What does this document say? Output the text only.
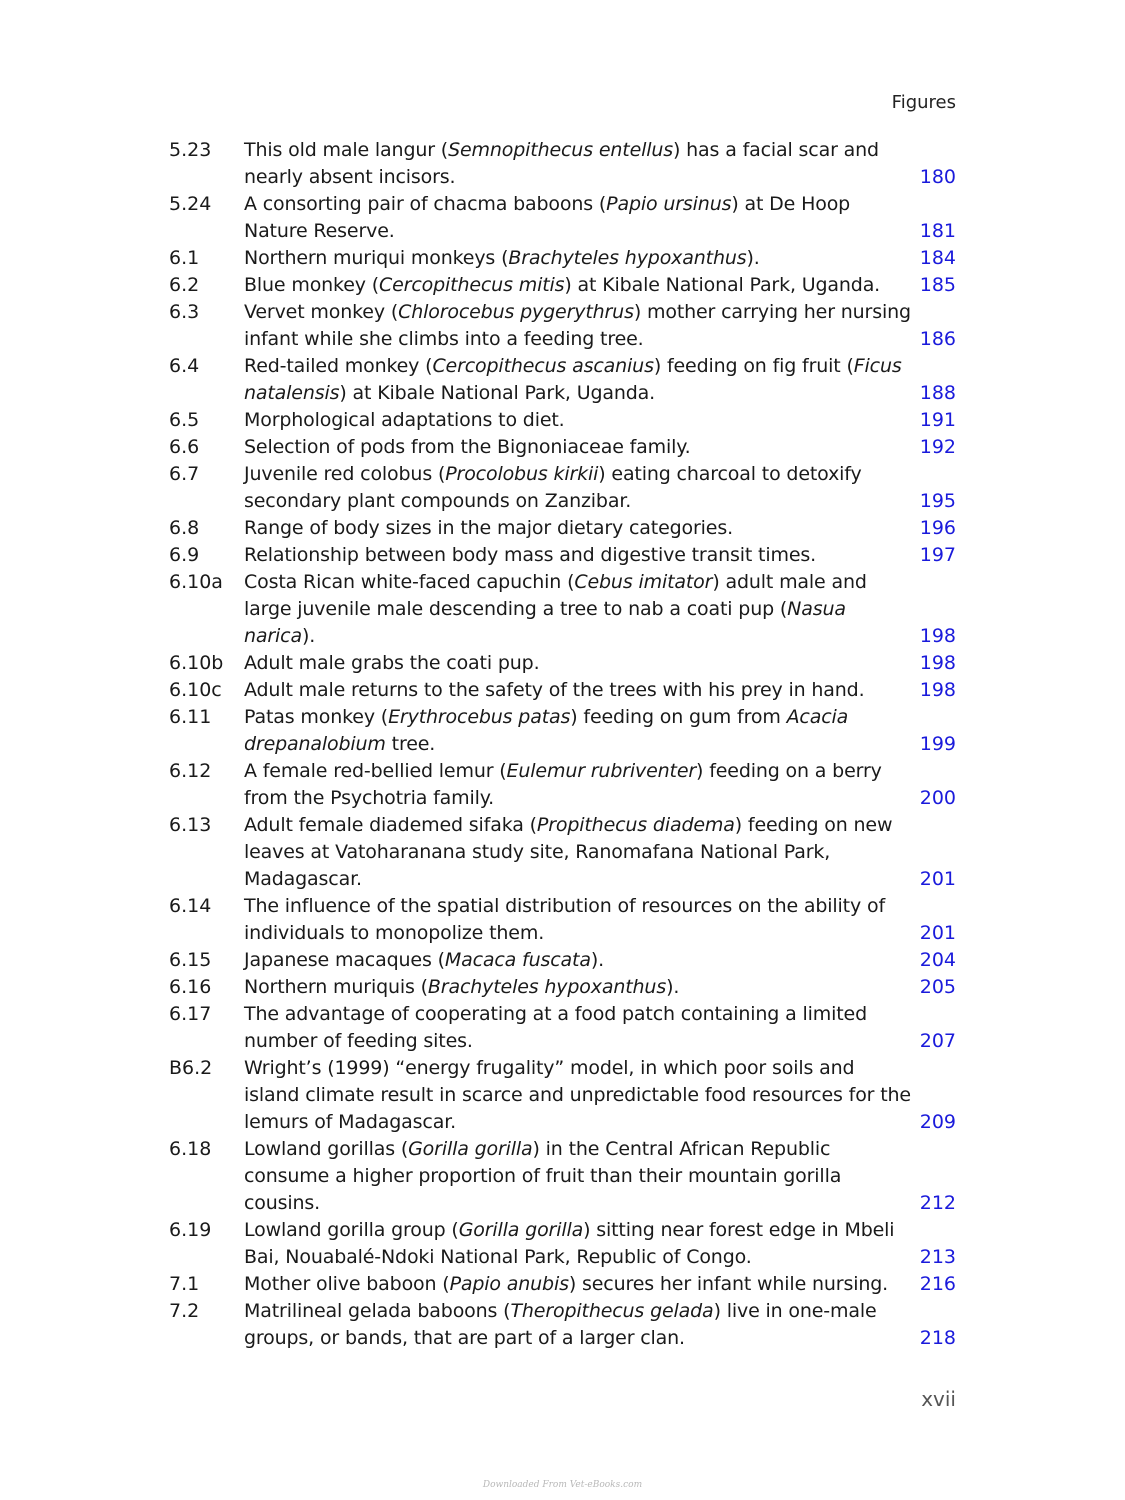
Figures
5.23	This old male langur (Semnopithecus entellus) has a facial scar and nearly absent incisors.	180
5.24	A consorting pair of chacma baboons (Papio ursinus) at De Hoop Nature Reserve.	181
6.1	Northern muriqui monkeys (Brachyteles hypoxanthus).	184
6.2	Blue monkey (Cercopithecus mitis) at Kibale National Park, Uganda.	185
6.3	Vervet monkey (Chlorocebus pygerythrus) mother carrying her nursing infant while she climbs into a feeding tree.	186
6.4	Red-tailed monkey (Cercopithecus ascanius) feeding on fig fruit (Ficus natalensis) at Kibale National Park, Uganda.	188
6.5	Morphological adaptations to diet.	191
6.6	Selection of pods from the Bignoniaceae family.	192
6.7	Juvenile red colobus (Procolobus kirkii) eating charcoal to detoxify secondary plant compounds on Zanzibar.	195
6.8	Range of body sizes in the major dietary categories.	196
6.9	Relationship between body mass and digestive transit times.	197
6.10a	Costa Rican white-faced capuchin (Cebus imitator) adult male and large juvenile male descending a tree to nab a coati pup (Nasua narica).	198
6.10b	Adult male grabs the coati pup.	198
6.10c	Adult male returns to the safety of the trees with his prey in hand.	198
6.11	Patas monkey (Erythrocebus patas) feeding on gum from Acacia drepanalobium tree.	199
6.12	A female red-bellied lemur (Eulemur rubriventer) feeding on a berry from the Psychotria family.	200
6.13	Adult female diademed sifaka (Propithecus diadema) feeding on new leaves at Vatoharanana study site, Ranomafana National Park, Madagascar.	201
6.14	The influence of the spatial distribution of resources on the ability of individuals to monopolize them.	201
6.15	Japanese macaques (Macaca fuscata).	204
6.16	Northern muriquis (Brachyteles hypoxanthus).	205
6.17	The advantage of cooperating at a food patch containing a limited number of feeding sites.	207
B6.2	Wright’s (1999) “energy frugality” model, in which poor soils and island climate result in scarce and unpredictable food resources for the lemurs of Madagascar.	209
6.18	Lowland gorillas (Gorilla gorilla) in the Central African Republic consume a higher proportion of fruit than their mountain gorilla cousins.	212
6.19	Lowland gorilla group (Gorilla gorilla) sitting near forest edge in Mbeli Bai, Nouabalé-Ndoki National Park, Republic of Congo.	213
7.1	Mother olive baboon (Papio anubis) secures her infant while nursing.	216
7.2	Matrilineal gelada baboons (Theropithecus gelada) live in one-male groups, or bands, that are part of a larger clan.	218
xvii
Downloaded From Vet-eBooks.com
